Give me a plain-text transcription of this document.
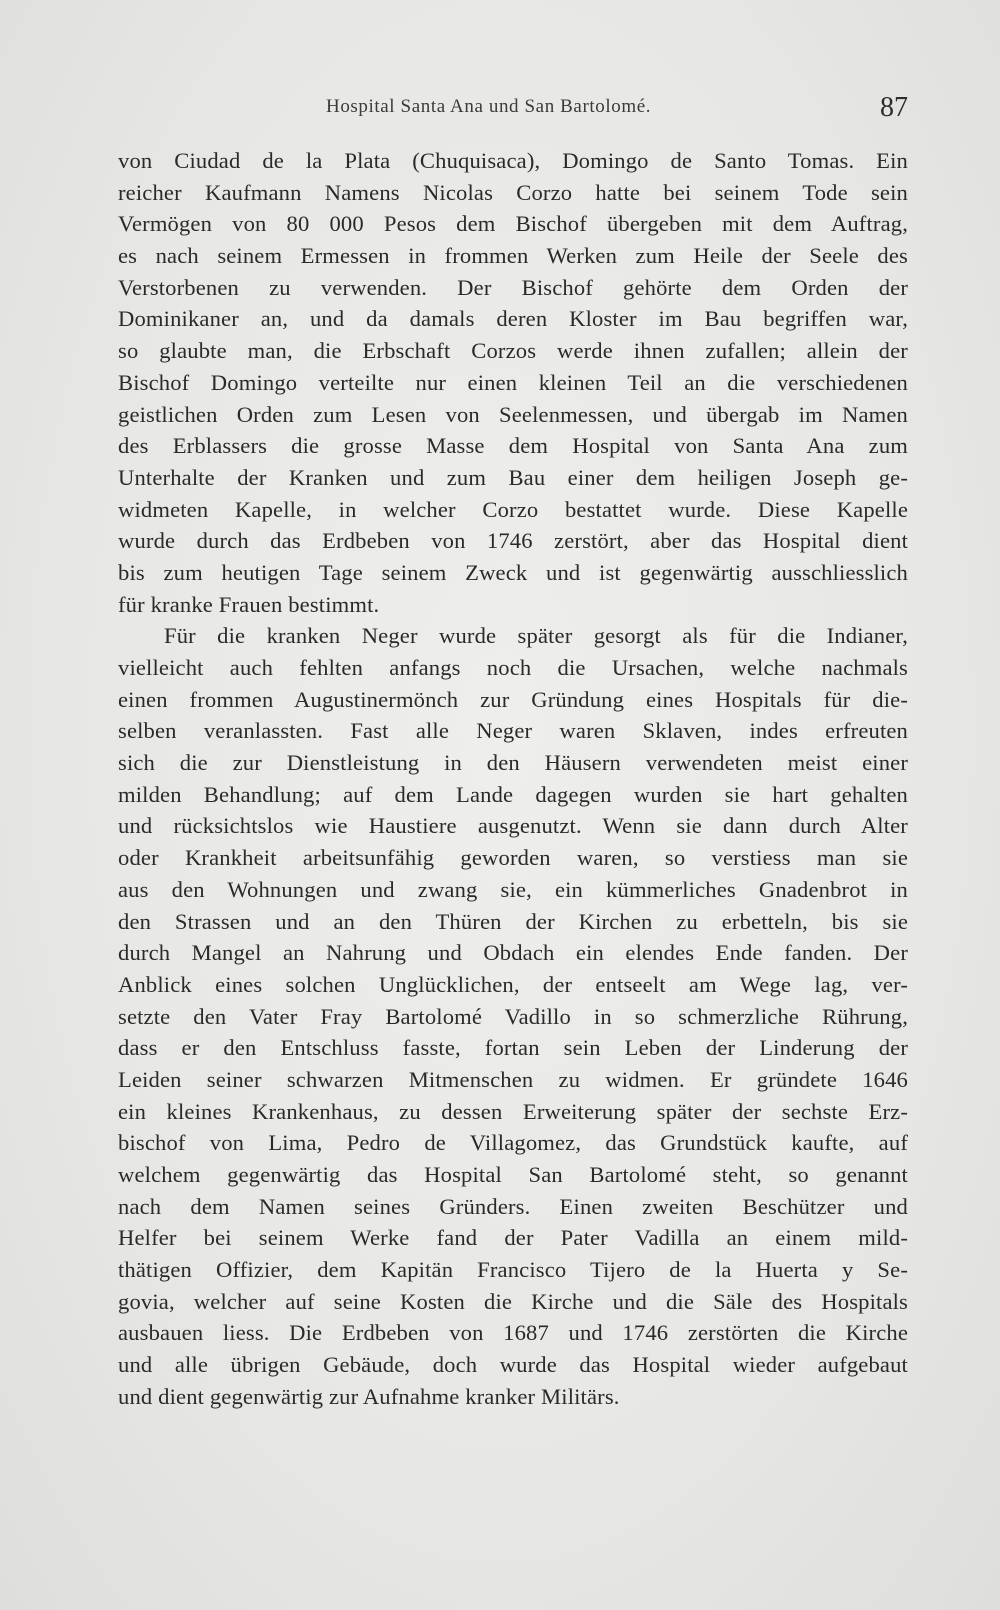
Hospital Santa Ana und San Bartolomé.	87
von Ciudad de la Plata (Chuquisaca), Domingo de Santo Tomas. Ein
reicher Kaufmann Namens Nicolas Corzo hatte bei seinem Tode sein
Vermögen von 80 000 Pesos dem Bischof übergeben mit dem Auftrag,
es nach seinem Ermessen in frommen Werken zum Heile der Seele des
Verstorbenen zu verwenden. Der Bischof gehörte dem Orden der
Dominikaner an, und da damals deren Kloster im Bau begriffen war,
so glaubte man, die Erbschaft Corzos werde ihnen zufallen; allein der
Bischof Domingo verteilte nur einen kleinen Teil an die verschiedenen
geistlichen Orden zum Lesen von Seelenmessen, und übergab im Namen
des Erblassers die grosse Masse dem Hospital von Santa Ana zum
Unterhalte der Kranken und zum Bau einer dem heiligen Joseph ge-
widmeten Kapelle, in welcher Corzo bestattet wurde. Diese Kapelle
wurde durch das Erdbeben von 1746 zerstört, aber das Hospital dient
bis zum heutigen Tage seinem Zweck und ist gegenwärtig ausschliesslich
für kranke Frauen bestimmt.
Für die kranken Neger wurde später gesorgt als für die Indianer,
vielleicht auch fehlten anfangs noch die Ursachen, welche nachmals
einen frommen Augustinermönch zur Gründung eines Hospitals für die-
selben veranlassten. Fast alle Neger waren Sklaven, indes erfreuten
sich die zur Dienstleistung in den Häusern verwendeten meist einer
milden Behandlung; auf dem Lande dagegen wurden sie hart gehalten
und rücksichtslos wie Haustiere ausgenutzt. Wenn sie dann durch Alter
oder Krankheit arbeitsunfähig geworden waren, so verstiess man sie
aus den Wohnungen und zwang sie, ein kümmerliches Gnadenbrot in
den Strassen und an den Thüren der Kirchen zu erbetteln, bis sie
durch Mangel an Nahrung und Obdach ein elendes Ende fanden. Der
Anblick eines solchen Unglücklichen, der entseelt am Wege lag, ver-
setzte den Vater Fray Bartolomé Vadillo in so schmerzliche Rührung,
dass er den Entschluss fasste, fortan sein Leben der Linderung der
Leiden seiner schwarzen Mitmenschen zu widmen. Er gründete 1646
ein kleines Krankenhaus, zu dessen Erweiterung später der sechste Erz-
bischof von Lima, Pedro de Villagomez, das Grundstück kaufte, auf
welchem gegenwärtig das Hospital San Bartolomé steht, so genannt
nach dem Namen seines Gründers. Einen zweiten Beschützer und
Helfer bei seinem Werke fand der Pater Vadilla an einem mild-
thätigen Offizier, dem Kapitän Francisco Tijero de la Huerta y Se-
govia, welcher auf seine Kosten die Kirche und die Säle des Hospitals
ausbauen liess. Die Erdbeben von 1687 und 1746 zerstörten die Kirche
und alle übrigen Gebäude, doch wurde das Hospital wieder aufgebaut
und dient gegenwärtig zur Aufnahme kranker Militärs.
